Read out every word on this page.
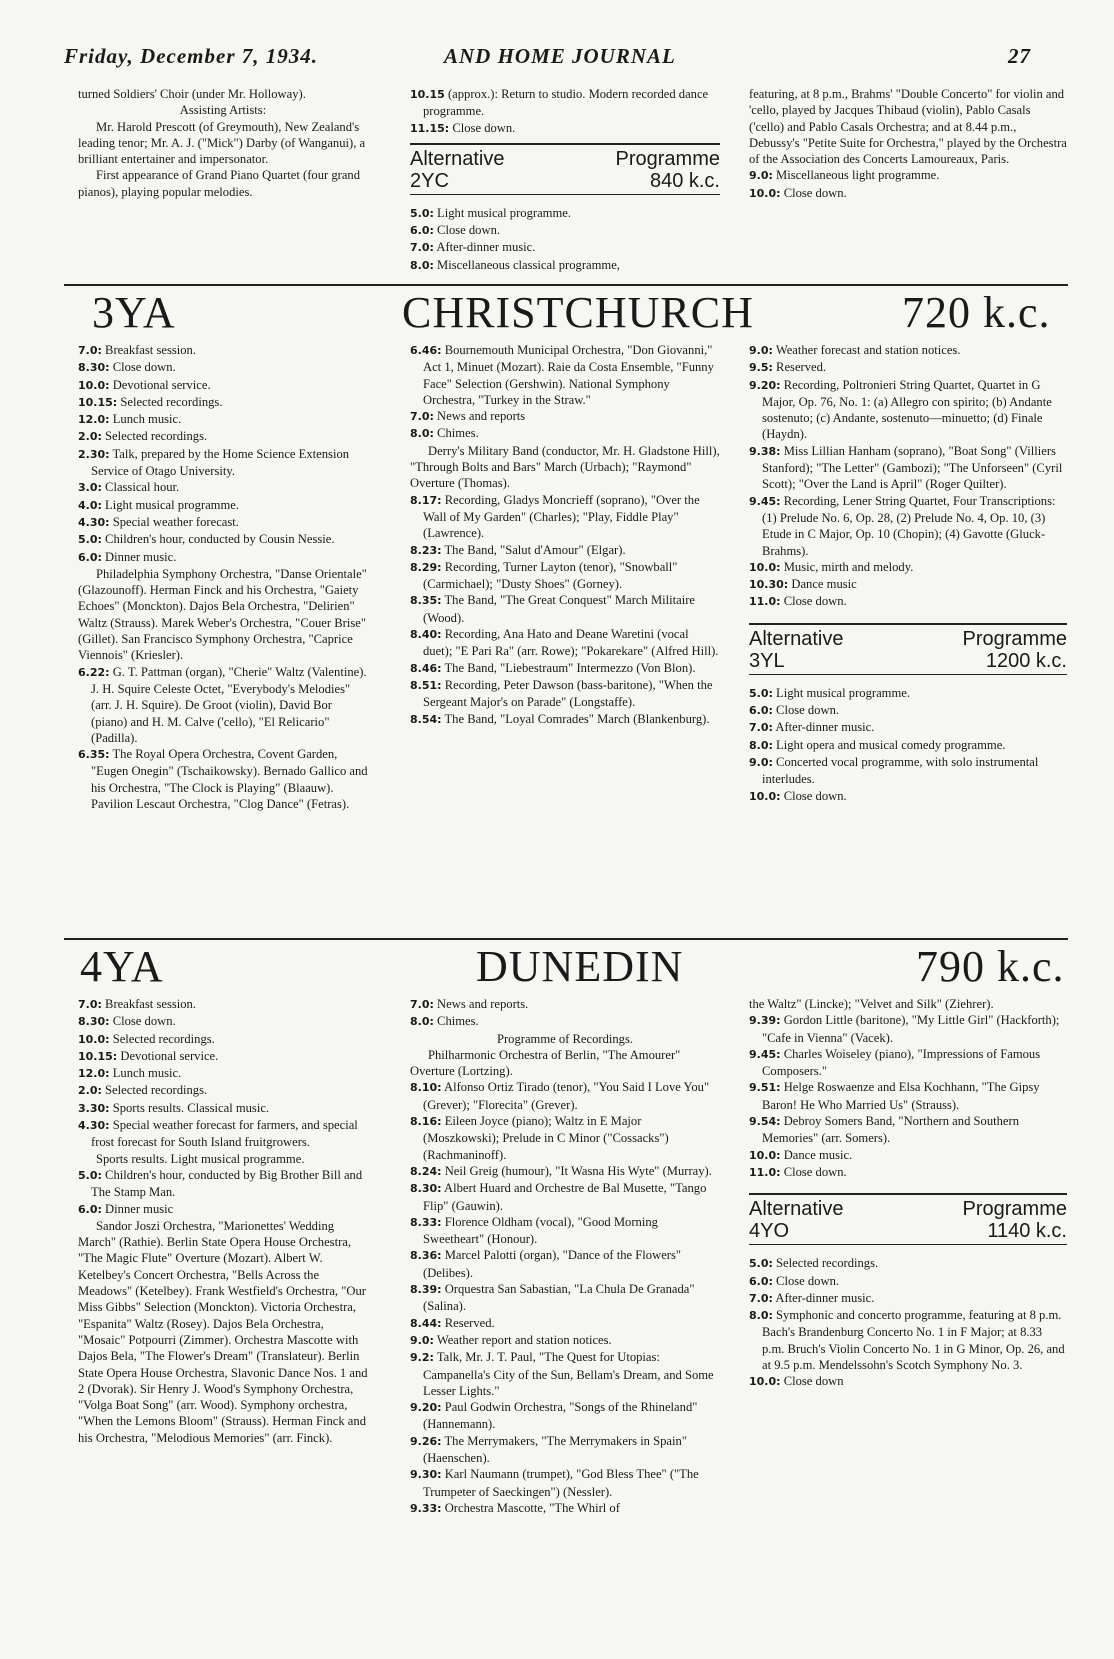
Friday, December 7, 1934.	AND HOME JOURNAL	27

turned Soldiers' Choir (under Mr. Holloway).

Assisting Artists:

Mr. Harold Prescott (of Greymouth), New Zealand's leading tenor; Mr. A. J. ("Mick") Darby (of Wanganui), a brilliant entertainer and impersonator.

First appearance of Grand Piano Quartet (four grand pianos), playing popular melodies.

10.15 (approx.): Return to studio. Modern recorded dance programme.

11.15: Close down.

Alternative	Programme
2YC	840 k.c.

5.0: Light musical programme.

6.0: Close down.

7.0: After-dinner music.

8.0: Miscellaneous classical programme,

featuring, at 8 p.m., Brahms' "Double Concerto" for violin and 'cello, played by Jacques Thibaud (violin), Pablo Casals ('cello) and Pablo Casals Orchestra; and at 8.44 p.m., Debussy's "Petite Suite for Orchestra," played by the Orchestra of the Association des Concerts Lamoureaux, Paris.

9.0: Miscellaneous light programme.

10.0: Close down.

3YA	CHRISTCHURCH	720 k.c.

7.0: Breakfast session.

8.30: Close down.

10.0: Devotional service.

10.15: Selected recordings.

12.0: Lunch music.

2.0: Selected recordings.

2.30: Talk, prepared by the Home Science Extension Service of Otago University.

3.0: Classical hour.

4.0: Light musical programme.

4.30: Special weather forecast.

5.0: Children's hour, conducted by Cousin Nessie.

6.0: Dinner music.

Philadelphia Symphony Orchestra, "Danse Orientale" (Glazounoff). Herman Finck and his Orchestra, "Gaiety Echoes" (Monckton). Dajos Bela Orchestra, "Delirien" Waltz (Strauss). Marek Weber's Orchestra, "Couer Brise" (Gillet). San Francisco Symphony Orchestra, "Caprice Viennois" (Kriesler).

6.22: G. T. Pattman (organ), "Cherie" Waltz (Valentine). J. H. Squire Celeste Octet, "Everybody's Melodies" (arr. J. H. Squire). De Groot (violin), David Bor (piano) and H. M. Calve ('cello), "El Relicario" (Padilla).

6.35: The Royal Opera Orchestra, Covent Garden, "Eugen Onegin" (Tschaikowsky). Bernado Gallico and his Orchestra, "The Clock is Playing" (Blaauw). Pavilion Lescaut Orchestra, "Clog Dance" (Fetras).

6.46: Bournemouth Municipal Orchestra, "Don Giovanni," Act 1, Minuet (Mozart). Raie da Costa Ensemble, "Funny Face" Selection (Gershwin). National Symphony Orchestra, "Turkey in the Straw."

7.0: News and reports

8.0: Chimes.

Derry's Military Band (conductor, Mr. H. Gladstone Hill), "Through Bolts and Bars" March (Urbach); "Raymond" Overture (Thomas).

8.17: Recording, Gladys Moncrieff (soprano), "Over the Wall of My Garden" (Charles); "Play, Fiddle Play" (Lawrence).

8.23: The Band, "Salut d'Amour" (Elgar).

8.29: Recording, Turner Layton (tenor), "Snowball" (Carmichael); "Dusty Shoes" (Gorney).

8.35: The Band, "The Great Conquest" March Militaire (Wood).

8.40: Recording, Ana Hato and Deane Waretini (vocal duet); "E Pari Ra" (arr. Rowe); "Pokarekare" (Alfred Hill).

8.46: The Band, "Liebestraum" Intermezzo (Von Blon).

8.51: Recording, Peter Dawson (bass-baritone), "When the Sergeant Major's on Parade" (Longstaffe).

8.54: The Band, "Loyal Comrades" March (Blankenburg).

9.0: Weather forecast and station notices.

9.5: Reserved.

9.20: Recording, Poltronieri String Quartet, Quartet in G Major, Op. 76, No. 1: (a) Allegro con spirito; (b) Andante sostenuto; (c) Andante, sostenuto—minuetto; (d) Finale (Haydn).

9.38: Miss Lillian Hanham (soprano), "Boat Song" (Villiers Stanford); "The Letter" (Gambozi); "The Unforseen" (Cyril Scott); "Over the Land is April" (Roger Quilter).

9.45: Recording, Lener String Quartet, Four Transcriptions: (1) Prelude No. 6, Op. 28, (2) Prelude No. 4, Op. 10, (3) Etude in C Major, Op. 10 (Chopin); (4) Gavotte (Gluck-Brahms).

10.0: Music, mirth and melody.

10.30: Dance music

11.0: Close down.

Alternative	Programme
3YL	1200 k.c.

5.0: Light musical programme.

6.0: Close down.

7.0: After-dinner music.

8.0: Light opera and musical comedy programme.

9.0: Concerted vocal programme, with solo instrumental interludes.

10.0: Close down.

4YA	DUNEDIN	790 k.c.

7.0: Breakfast session.

8.30: Close down.

10.0: Selected recordings.

10.15: Devotional service.

12.0: Lunch music.

2.0: Selected recordings.

3.30: Sports results. Classical music.

4.30: Special weather forecast for farmers, and special frost forecast for South Island fruitgrowers.

Sports results. Light musical programme.

5.0: Children's hour, conducted by Big Brother Bill and The Stamp Man.

6.0: Dinner music

Sandor Joszi Orchestra, "Marionettes' Wedding March" (Rathie). Berlin State Opera House Orchestra, "The Magic Flute" Overture (Mozart). Albert W. Ketelbey's Concert Orchestra, "Bells Across the Meadows" (Ketelbey). Frank Westfield's Orchestra, "Our Miss Gibbs" Selection (Monckton). Victoria Orchestra, "Espanita" Waltz (Rosey). Dajos Bela Orchestra, "Mosaic" Potpourri (Zimmer). Orchestra Mascotte with Dajos Bela, "The Flower's Dream" (Translateur). Berlin State Opera House Orchestra, Slavonic Dance Nos. 1 and 2 (Dvorak). Sir Henry J. Wood's Symphony Orchestra, "Volga Boat Song" (arr. Wood). Symphony orchestra, "When the Lemons Bloom" (Strauss). Herman Finck and his Orchestra, "Melodious Memories" (arr. Finck).

7.0: News and reports.

8.0: Chimes.

Programme of Recordings.

Philharmonic Orchestra of Berlin, "The Amourer" Overture (Lortzing).

8.10: Alfonso Ortiz Tirado (tenor), "You Said I Love You" (Grever); "Florecita" (Grever).

8.16: Eileen Joyce (piano); Waltz in E Major (Moszkowski); Prelude in C Minor ("Cossacks") (Rachmaninoff).

8.24: Neil Greig (humour), "It Wasna His Wyte" (Murray).

8.30: Albert Huard and Orchestre de Bal Musette, "Tango Flip" (Gauwin).

8.33: Florence Oldham (vocal), "Good Morning Sweetheart" (Honour).

8.36: Marcel Palotti (organ), "Dance of the Flowers" (Delibes).

8.39: Orquestra San Sabastian, "La Chula De Granada" (Salina).

8.44: Reserved.

9.0: Weather report and station notices.

9.2: Talk, Mr. J. T. Paul, "The Quest for Utopias: Campanella's City of the Sun, Bellam's Dream, and Some Lesser Lights."

9.20: Paul Godwin Orchestra, "Songs of the Rhineland" (Hannemann).

9.26: The Merrymakers, "The Merrymakers in Spain" (Haenschen).

9.30: Karl Naumann (trumpet), "God Bless Thee" ("The Trumpeter of Saeckingen") (Nessler).

9.33: Orchestra Mascotte, "The Whirl of

the Waltz" (Lincke); "Velvet and Silk" (Ziehrer).

9.39: Gordon Little (baritone), "My Little Girl" (Hackforth); "Cafe in Vienna" (Vacek).

9.45: Charles Woiseley (piano), "Impressions of Famous Composers."

9.51: Helge Roswaenze and Elsa Kochhann, "The Gipsy Baron! He Who Married Us" (Strauss).

9.54: Debroy Somers Band, "Northern and Southern Memories" (arr. Somers).

10.0: Dance music.

11.0: Close down.

Alternative	Programme
4YO	1140 k.c.

5.0: Selected recordings.

6.0: Close down.

7.0: After-dinner music.

8.0: Symphonic and concerto programme, featuring at 8 p.m. Bach's Brandenburg Concerto No. 1 in F Major; at 8.33 p.m. Bruch's Violin Concerto No. 1 in G Minor, Op. 26, and at 9.5 p.m. Mendelssohn's Scotch Symphony No. 3.

10.0: Close down
